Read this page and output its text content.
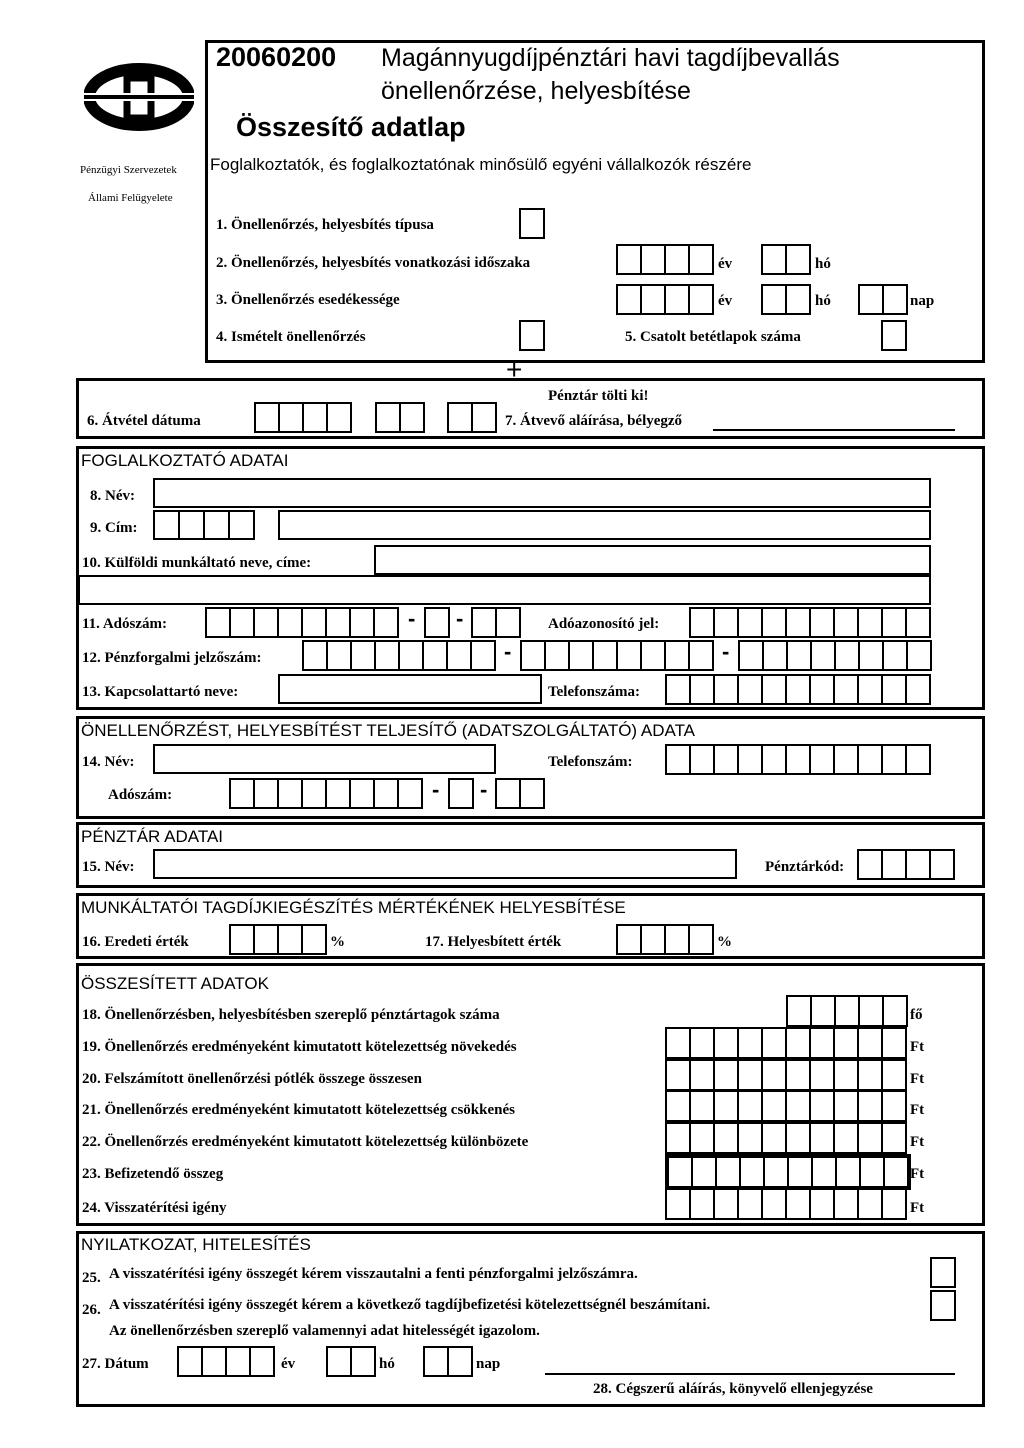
Pénzügyi Szervezetek
Állami Felügyelete
20060200 Magánnyugdíjpénztári havi tagdíjbevallás
önellenőrzése, helyesbítése
Összesítő adatlap
Foglalkoztatók, és foglalkoztatónak minősülő egyéni vállalkozók részére
1. Önellenőrzés, helyesbítés típusa
2. Önellenőrzés, helyesbítés vonatkozási időszaka	év	hó
3. Önellenőrzés esedékessége	év	hó	nap
4. Ismételt önellenőrzés	5. Csatolt betétlapok száma
+
Pénztár tölti ki!
6. Átvétel dátuma	7. Átvevő aláírása, bélyegző
FOGLALKOZTATÓ ADATAI
8. Név:
9. Cím:
10. Külföldi munkáltató neve, címe:
11. Adószám:	- -	Adóazonosító jel:
12. Pénzforgalmi jelzőszám:	-	-
13. Kapcsolattartó neve:	Telefonszáma:
ÖNELLENŐRZÉST, HELYESBÍTÉST TELJESÍTŐ (ADATSZOLGÁLTATÓ) ADATA
14. Név:	Telefonszám:
Adószám:	- -
PÉNZTÁR ADATAI
15. Név:	Pénztárkód:
MUNKÁLTATÓI TAGDÍJKIEGÉSZÍTÉS MÉRTÉKÉNEK HELYESBÍTÉSE
16. Eredeti érték	%	17. Helyesbített érték	%
ÖSSZESÍTETT ADATOK
18. Önellenőrzésben, helyesbítésben szereplő pénztártagok száma	fő
19. Önellenőrzés eredményeként kimutatott kötelezettség növekedés	Ft
20. Felszámított önellenőrzési pótlék összege összesen	Ft
21. Önellenőrzés eredményeként kimutatott kötelezettség csökkenés	Ft
22. Önellenőrzés eredményeként kimutatott kötelezettség különbözete	Ft
23. Befizetendő összeg	Ft
24. Visszatérítési igény	Ft
NYILATKOZAT, HITELESÍTÉS
25. A visszatérítési igény összegét kérem visszautalni a fenti pénzforgalmi jelzőszámra.
26. A visszatérítési igény összegét kérem a következő tagdíjbefizetési kötelezettségnél beszámítani.
Az önellenőrzésben szereplő valamennyi adat hitelességét igazolom.
27. Dátum	év	hó	nap
28. Cégszerű aláírás, könyvelő ellenjegyzése
